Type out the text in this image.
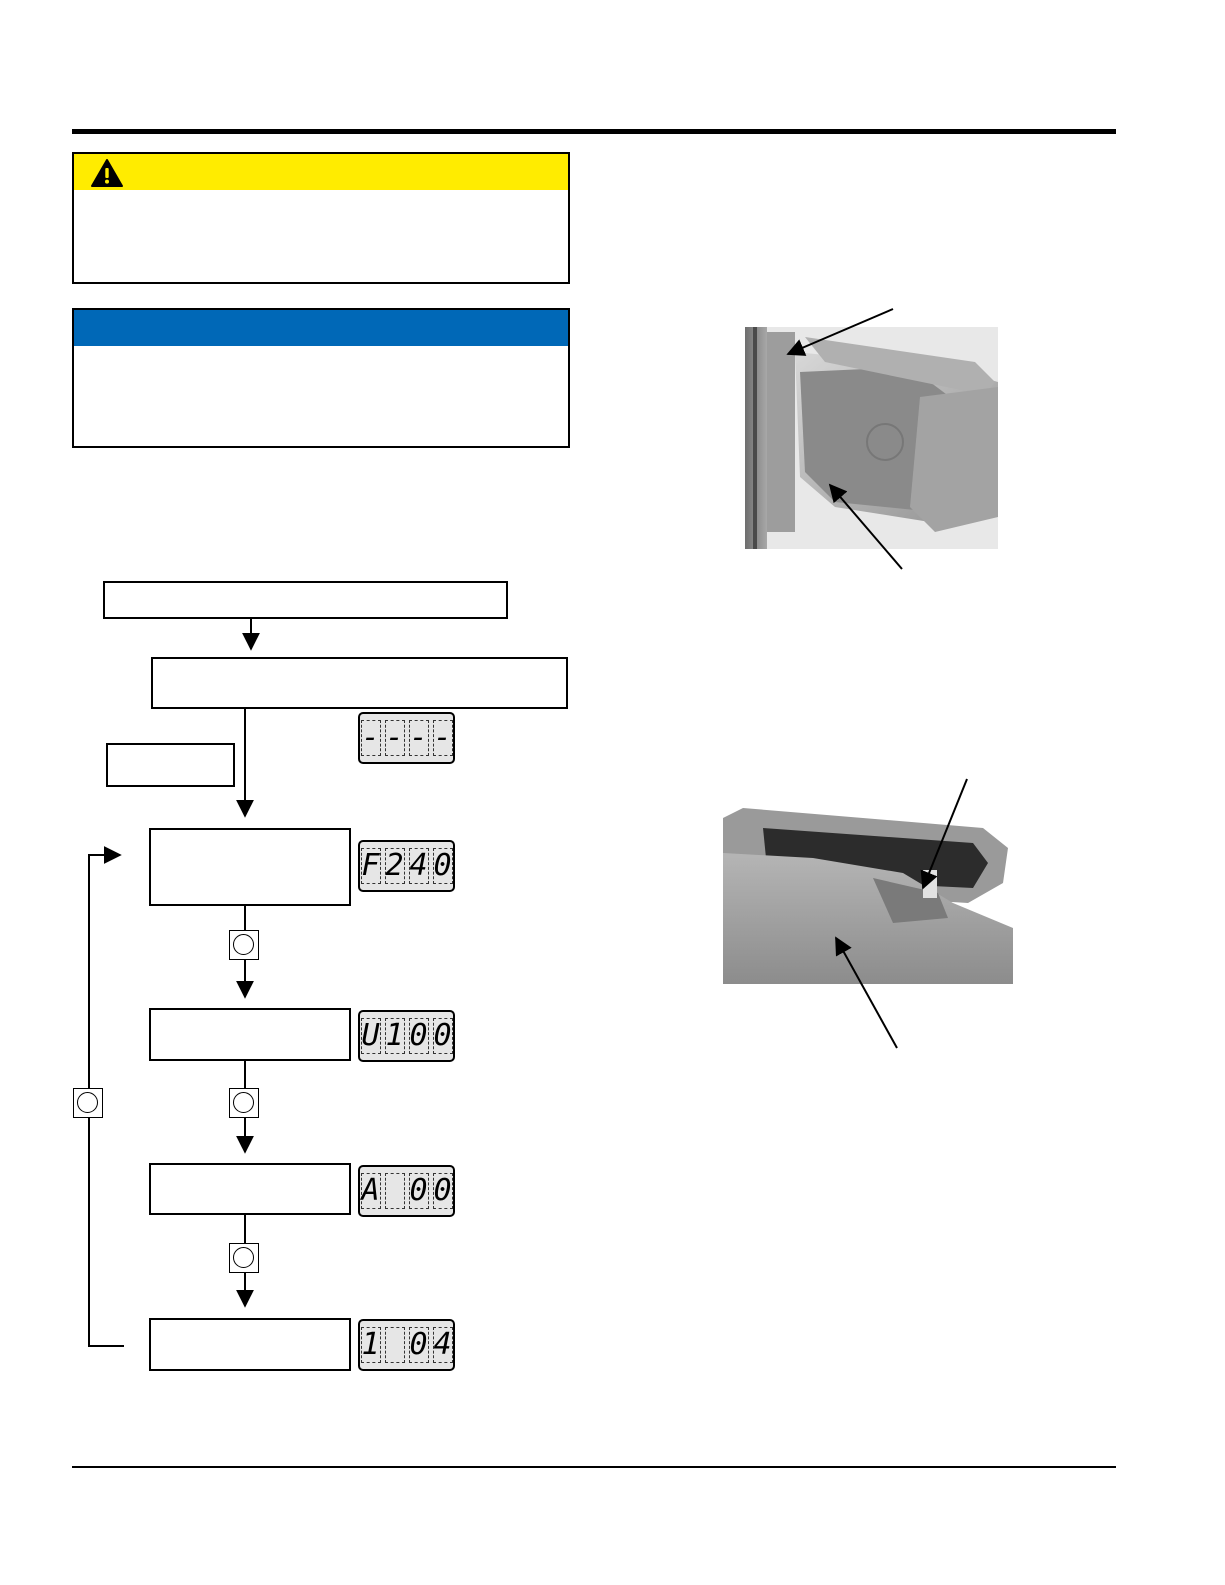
- - - -
F 2 4 0
U 1 0 0
A 0 0
1 0 4
